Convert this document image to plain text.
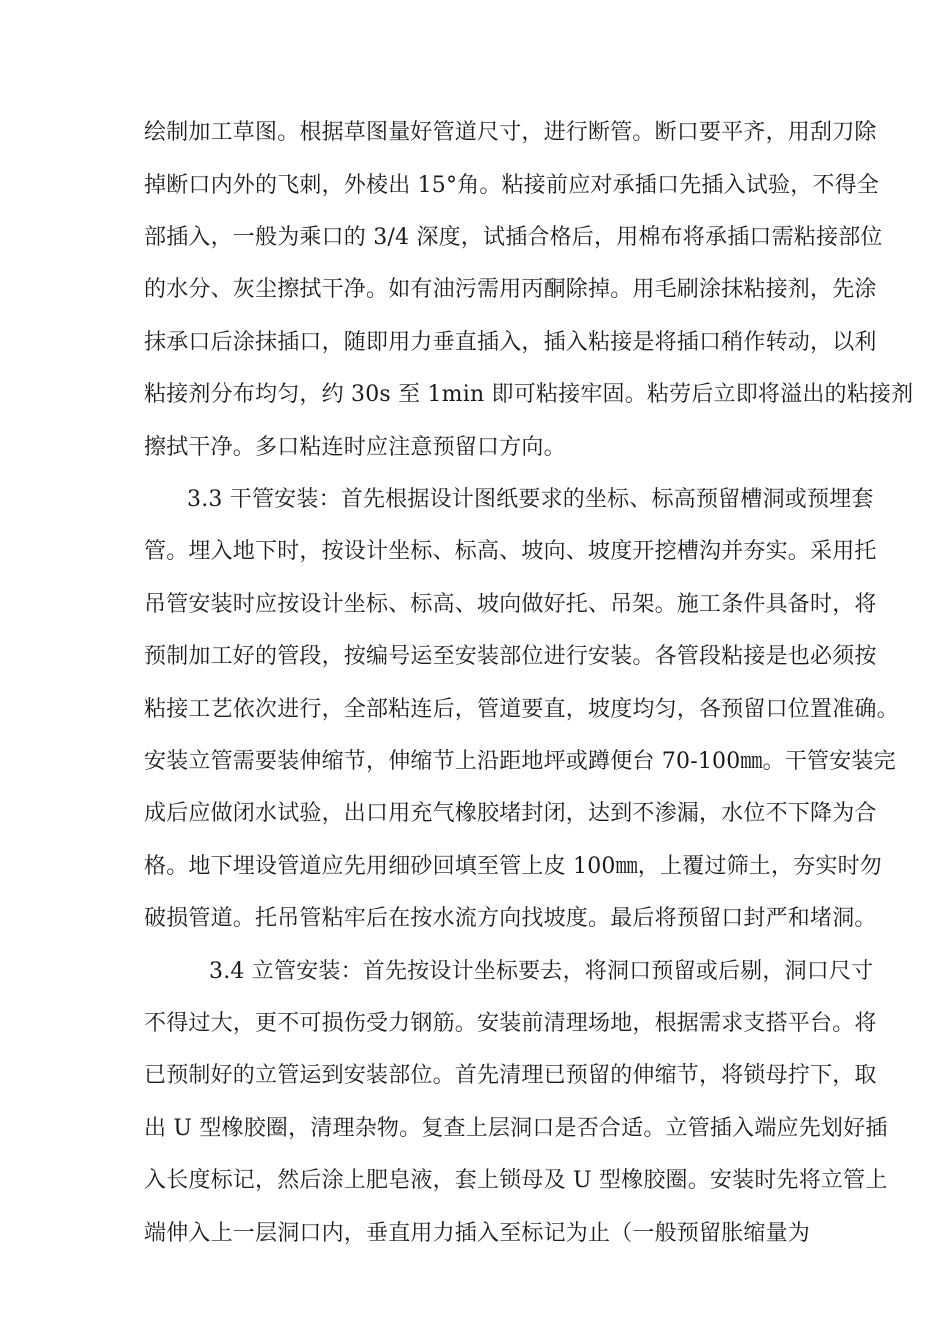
绘制加工草图。根据草图量好管道尺寸，进行断管。断口要平齐，用刮刀除
掉断口内外的飞刺，外棱出 15°角。粘接前应对承插口先插入试验，不得全
部插入，一般为乘口的 3/4 深度，试插合格后，用棉布将承插口需粘接部位
的水分、灰尘擦拭干净。如有油污需用丙酮除掉。用毛刷涂抹粘接剂，先涂
抹承口后涂抹插口，随即用力垂直插入，插入粘接是将插口稍作转动，以利
粘接剂分布均匀，约 30s 至 1min 即可粘接牢固。粘劳后立即将溢出的粘接剂
擦拭干净。多口粘连时应注意预留口方向。
3.3 干管安装：首先根据设计图纸要求的坐标、标高预留槽洞或预埋套
管。埋入地下时，按设计坐标、标高、坡向、坡度开挖槽沟并夯实。采用托
吊管安装时应按设计坐标、标高、坡向做好托、吊架。施工条件具备时，将
预制加工好的管段，按编号运至安装部位进行安装。各管段粘接是也必须按
粘接工艺依次进行，全部粘连后，管道要直，坡度均匀，各预留口位置准确。
安装立管需要装伸缩节，伸缩节上沿距地坪或蹲便台 70-100㎜。干管安装完
成后应做闭水试验，出口用充气橡胶堵封闭，达到不渗漏，水位不下降为合
格。地下埋设管道应先用细砂回填至管上皮 100㎜，上覆过筛土，夯实时勿
破损管道。托吊管粘牢后在按水流方向找坡度。最后将预留口封严和堵洞。
3.4 立管安装：首先按设计坐标要去，将洞口预留或后剔，洞口尺寸
不得过大，更不可损伤受力钢筋。安装前清理场地，根据需求支搭平台。将
已预制好的立管运到安装部位。首先清理已预留的伸缩节，将锁母拧下，取
出 U 型橡胶圈，清理杂物。复查上层洞口是否合适。立管插入端应先划好插
入长度标记，然后涂上肥皂液，套上锁母及 U 型橡胶圈。安装时先将立管上
端伸入上一层洞口内，垂直用力插入至标记为止（一般预留胀缩量为
